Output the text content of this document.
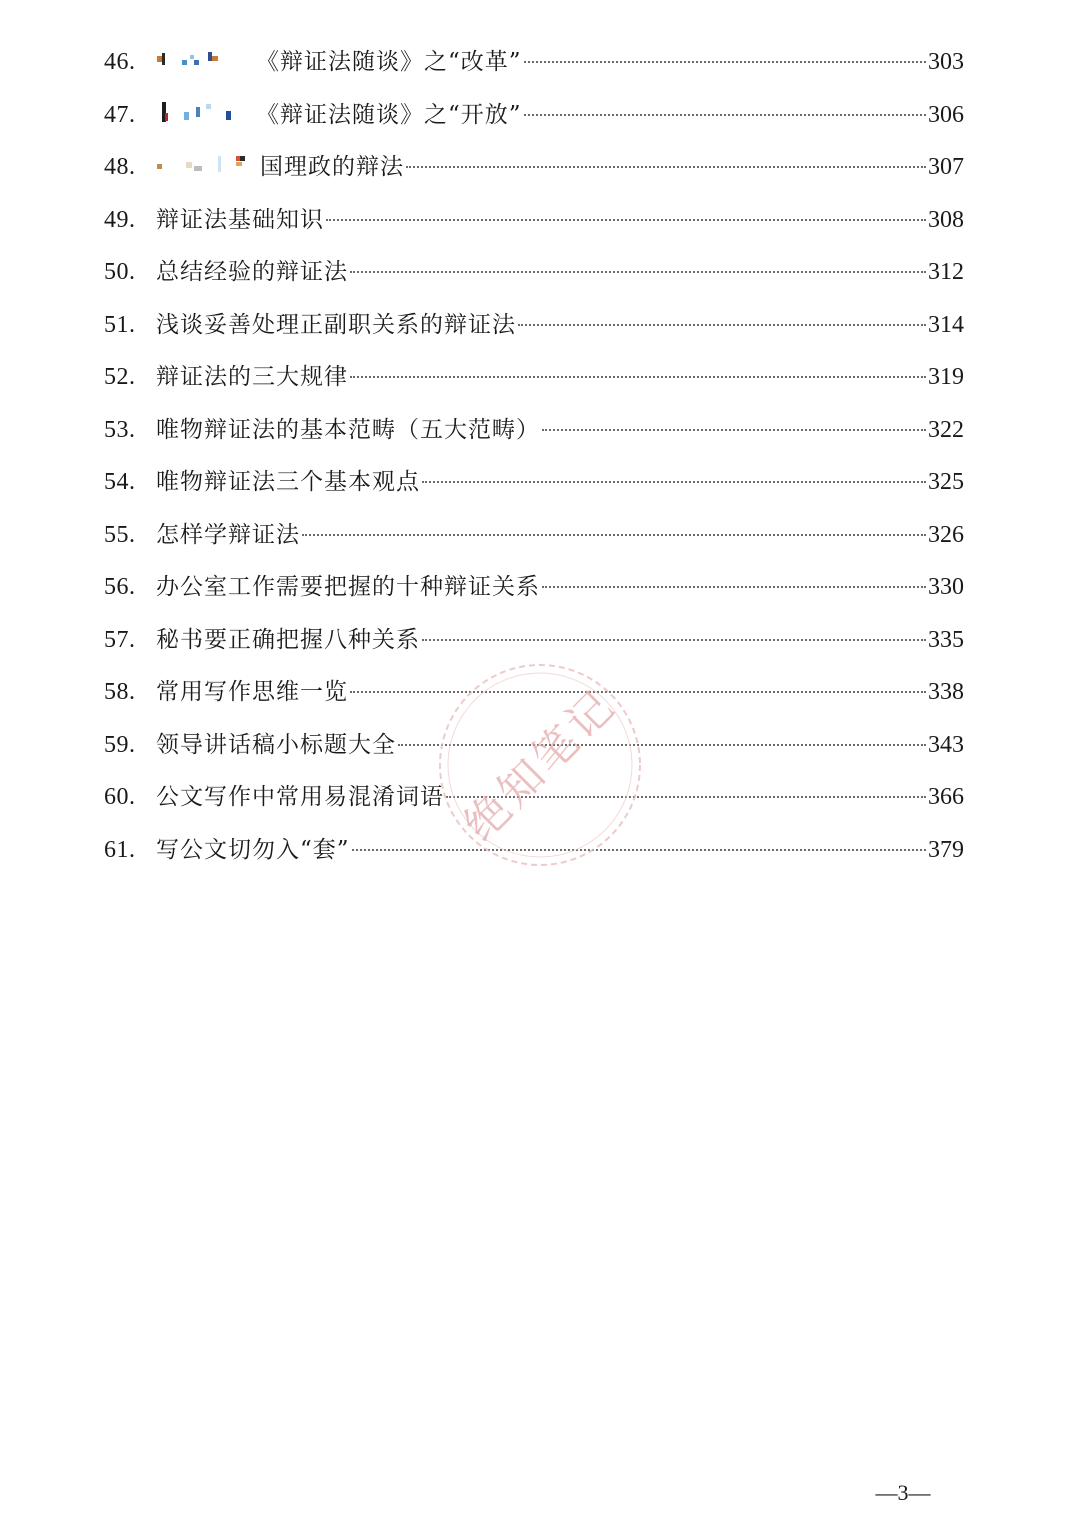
46.	《辩证法随谈》之“改革”	303
47.	《辩证法随谈》之“开放”	306
48.	国理政的辩法	307
49. 辩证法基础知识	308
50. 总结经验的辩证法	312
51. 浅谈妥善处理正副职关系的辩证法	314
52. 辩证法的三大规律	319
53. 唯物辩证法的基本范畴（五大范畴）	322
54. 唯物辩证法三个基本观点	325
55. 怎样学辩证法	326
56. 办公室工作需要把握的十种辩证关系	330
57. 秘书要正确把握八种关系	335
58. 常用写作思维一览	338
59. 领导讲话稿小标题大全	343
60. 公文写作中常用易混淆词语	366
61. 写公文切勿入“套”	379
绝知笔记
—3—
